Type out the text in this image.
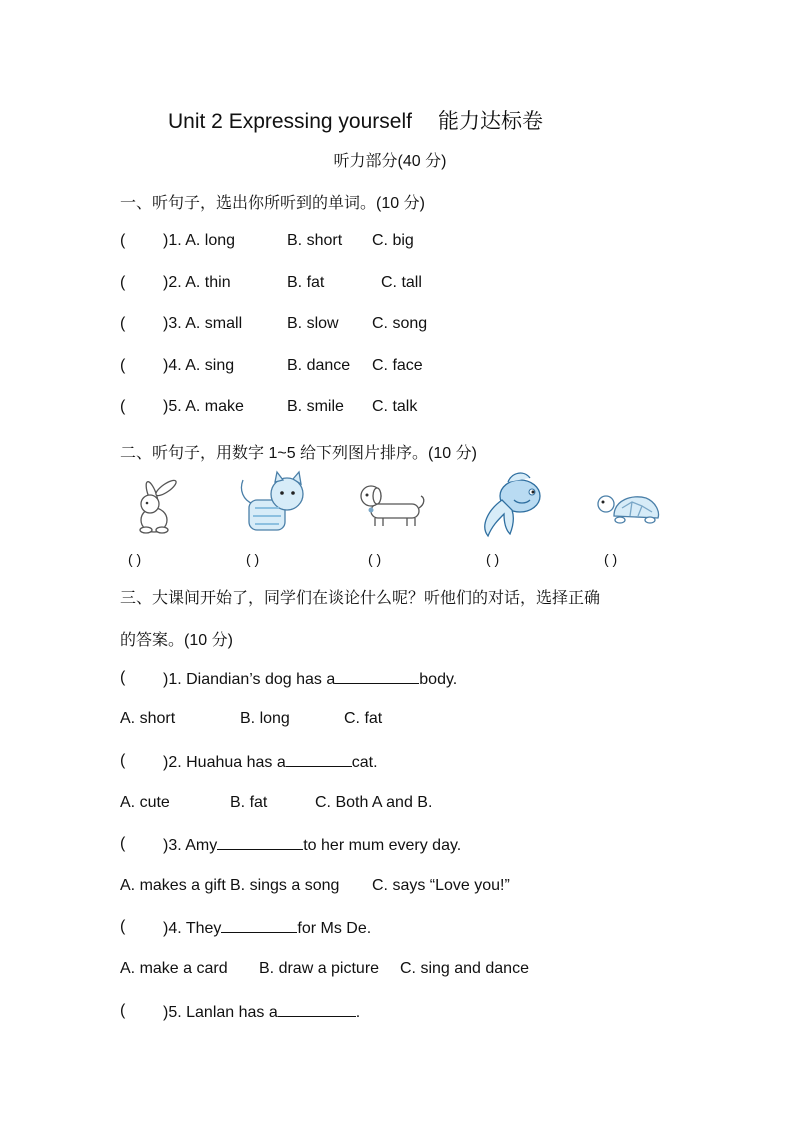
Unit 2 Expressing yourself 能力达标卷
听力部分(40 分)
一、听句子，选出你所听到的单词。(10 分)
( )1. A. long	B. short C. big
( )2. A. thin	B. fat	C. tall
( )3. A. small	B. slow C. song
( )4. A. sing	B. dance C. face
( )5. A. make	B. smile C. talk
二、听句子，用数字 1~5 给下列图片排序。(10 分)
( )	( )	( )	( )	( )
三、大课间开始了，同学们在谈论什么呢？听他们的对话，选择正确
的答案。(10 分)
( )1. Diandian’s dog has a	body.
A. short	B. long	C. fat
( )2. Huahua has a	cat.
A. cute	B. fat	C. Both A and B.
( )3. Amy	to her mum every day.
A. makes a gift B. sings a song C. says “Love you!”
( )4. They	for Ms De.
A. make a card B. draw a picture C. sing and dance
( )5. Lanlan has a	.
